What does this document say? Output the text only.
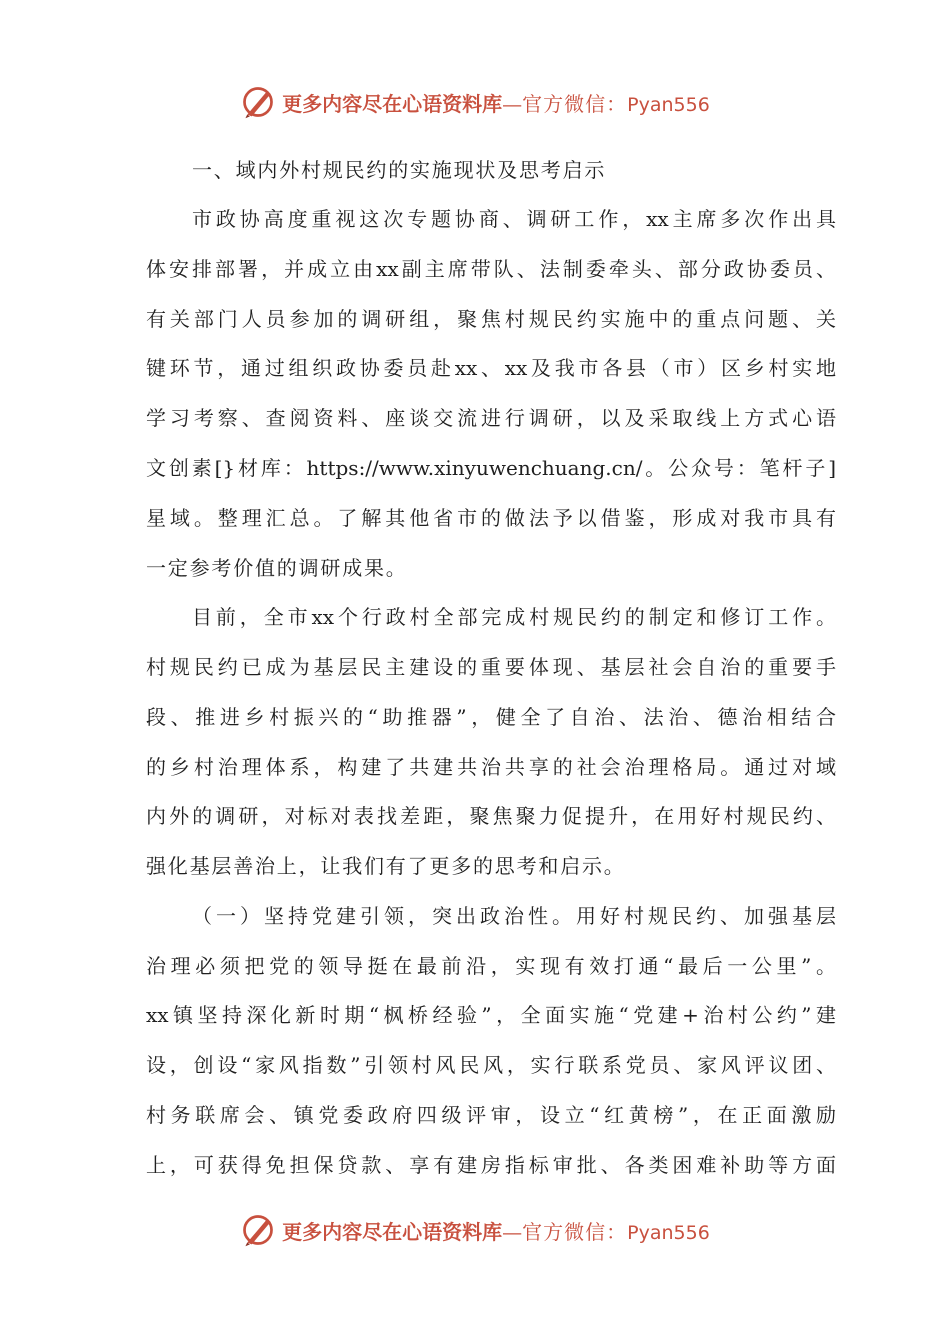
更多内容尽在心语资料库—官方微信：Pyan556
一、域内外村规民约的实施现状及思考启示
市政协高度重视这次专题协商、调研工作，xx主席多次作出具
体安排部署，并成立由xx副主席带队、法制委牵头、部分政协委员、
有关部门人员参加的调研组，聚焦村规民约实施中的重点问题、关
键环节，通过组织政协委员赴xx、xx及我市各县（市）区乡村实地
学习考察、查阅资料、座谈交流进行调研，以及采取线上方式心语
文创素[}材库：https://www.xinyuwenchuang.cn/。公众号：笔杆子]
星域。整理汇总。了解其他省市的做法予以借鉴，形成对我市具有
一定参考价值的调研成果。
目前，全市xx个行政村全部完成村规民约的制定和修订工作。
村规民约已成为基层民主建设的重要体现、基层社会自治的重要手
段、推进乡村振兴的“助推器”，健全了自治、法治、德治相结合
的乡村治理体系，构建了共建共治共享的社会治理格局。通过对域
内外的调研，对标对表找差距，聚焦聚力促提升，在用好村规民约、
强化基层善治上，让我们有了更多的思考和启示。
（一）坚持党建引领，突出政治性。用好村规民约、加强基层
治理必须把党的领导挺在最前沿，实现有效打通“最后一公里”。
xx镇坚持深化新时期“枫桥经验”，全面实施“党建+治村公约”建
设，创设“家风指数”引领村风民风，实行联系党员、家风评议团、
村务联席会、镇党委政府四级评审，设立“红黄榜”，在正面激励
上，可获得免担保贷款、享有建房指标审批、各类困难补助等方面
更多内容尽在心语资料库—官方微信：Pyan556
